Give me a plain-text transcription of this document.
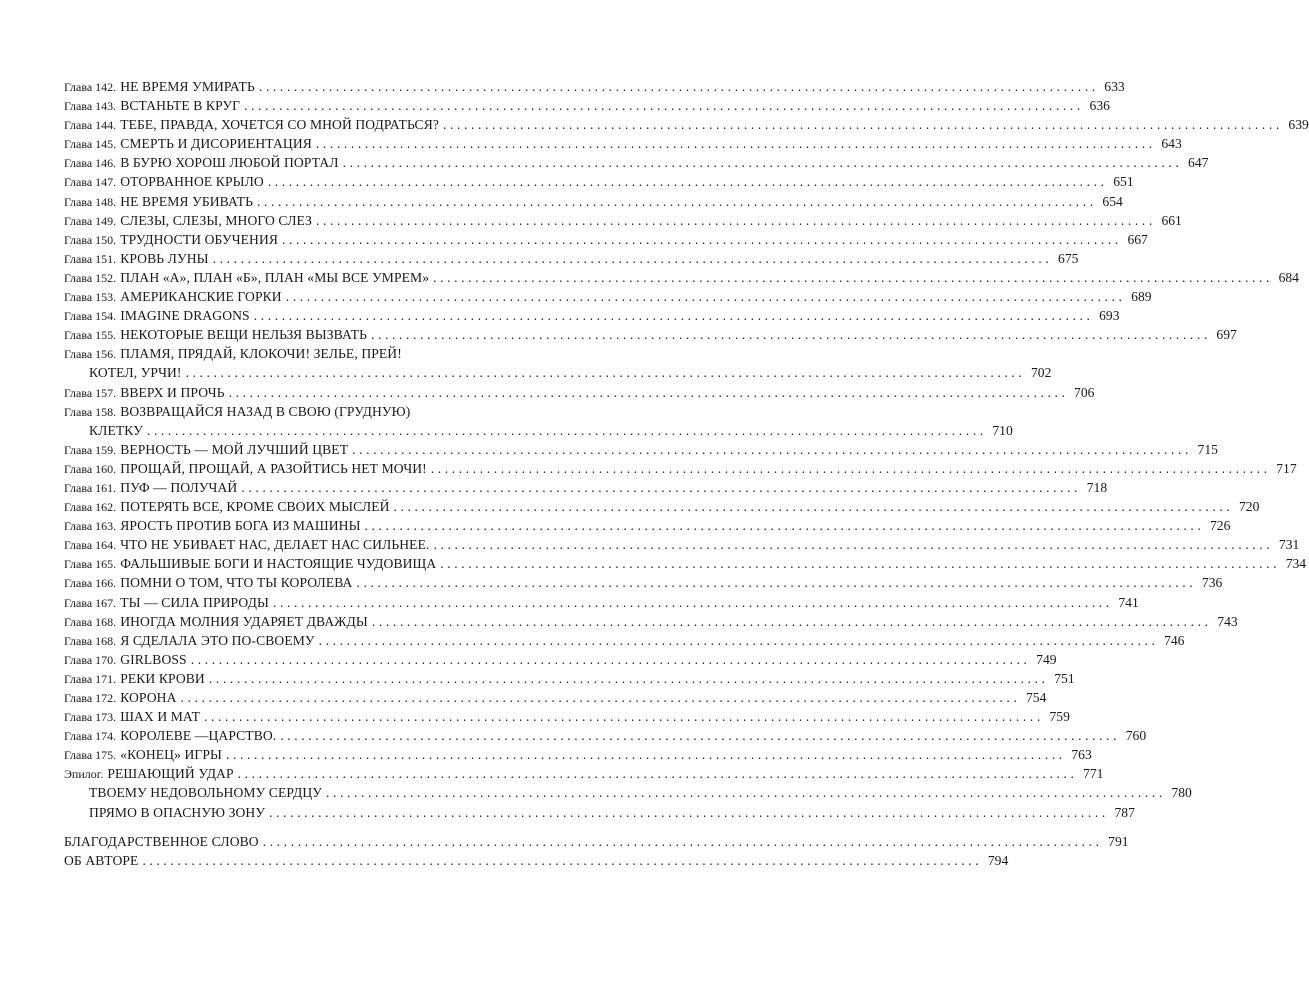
Глава 142. НЕ ВРЕМЯ УМИРАТЬ ........................................................................................................................ 633
Глава 143. ВСТАНЬТЕ В КРУГ ........................................................................................................................ 636
Глава 144. ТЕБЕ, ПРАВДА, ХОЧЕТСЯ СО МНОЙ ПОДРАТЬСЯ? ........................................................................................................................ 639
Глава 145. СМЕРТЬ И ДИСОРИЕНТАЦИЯ ........................................................................................................................ 643
Глава 146. В БУРЮ ХОРОШ ЛЮБОЙ ПОРТАЛ ........................................................................................................................ 647
Глава 147. ОТОРВАННОЕ КРЫЛО ........................................................................................................................ 651
Глава 148. НЕ ВРЕМЯ УБИВАТЬ ........................................................................................................................ 654
Глава 149. СЛЕЗЫ, СЛЕЗЫ, МНОГО СЛЕЗ ........................................................................................................................ 661
Глава 150. ТРУДНОСТИ ОБУЧЕНИЯ ........................................................................................................................ 667
Глава 151. КРОВЬ ЛУНЫ ........................................................................................................................ 675
Глава 152. ПЛАН «А», ПЛАН «Б», ПЛАН «МЫ ВСЕ УМРЕМ» ........................................................................................................................ 684
Глава 153. АМЕРИКАНСКИЕ ГОРКИ ........................................................................................................................ 689
Глава 154. IMAGINE DRAGONS ........................................................................................................................ 693
Глава 155. НЕКОТОРЫЕ ВЕЩИ НЕЛЬЗЯ ВЫЗВАТЬ ........................................................................................................................ 697
Глава 156. ПЛАМЯ, ПРЯДАЙ, КЛОКОЧИ! ЗЕЛЬЕ, ПРЕЙ!
КОТЕЛ, УРЧИ! ........................................................................................................................ 702
Глава 157. ВВЕРХ И ПРОЧЬ ........................................................................................................................ 706
Глава 158. ВОЗВРАЩАЙСЯ НАЗАД В СВОЮ (ГРУДНУЮ)
КЛЕТКУ ........................................................................................................................ 710
Глава 159. ВЕРНОСТЬ — МОЙ ЛУЧШИЙ ЦВЕТ ........................................................................................................................ 715
Глава 160. ПРОЩАЙ, ПРОЩАЙ, А РАЗОЙТИСЬ НЕТ МОЧИ! ........................................................................................................................ 717
Глава 161. ПУФ — ПОЛУЧАЙ ........................................................................................................................ 718
Глава 162. ПОТЕРЯТЬ ВСЕ, КРОМЕ СВОИХ МЫСЛЕЙ ........................................................................................................................ 720
Глава 163. ЯРОСТЬ ПРОТИВ БОГА ИЗ МАШИНЫ ........................................................................................................................ 726
Глава 164. ЧТО НЕ УБИВАЕТ НАС, ДЕЛАЕТ НАС СИЛЬНЕЕ. ........................................................................................................................ 731
Глава 165. ФАЛЬШИВЫЕ БОГИ И НАСТОЯЩИЕ ЧУДОВИЩА ........................................................................................................................ 734
Глава 166. ПОМНИ О ТОМ, ЧТО ТЫ КОРОЛЕВА ........................................................................................................................ 736
Глава 167. ТЫ — СИЛА ПРИРОДЫ ........................................................................................................................ 741
Глава 168. ИНОГДА МОЛНИЯ УДАРЯЕТ ДВАЖДЫ ........................................................................................................................ 743
Глава 168. Я СДЕЛАЛА ЭТО ПО-СВОЕМУ ........................................................................................................................ 746
Глава 170. GIRLBOSS ........................................................................................................................ 749
Глава 171. РЕКИ КРОВИ ........................................................................................................................ 751
Глава 172. КОРОНА ........................................................................................................................ 754
Глава 173. ШАХ И МАТ ........................................................................................................................ 759
Глава 174. КОРОЛЕВЕ —ЦАРСТВО. ........................................................................................................................ 760
Глава 175. «КОНЕЦ» ИГРЫ ........................................................................................................................ 763
Эпилог. РЕШАЮЩИЙ УДАР ........................................................................................................................ 771
ТВОЕМУ НЕДОВОЛЬНОМУ СЕРДЦУ ........................................................................................................................ 780
ПРЯМО В ОПАСНУЮ ЗОНУ ........................................................................................................................ 787
БЛАГОДАРСТВЕННОЕ СЛОВО ........................................................................................................................ 791
ОБ АВТОРЕ ........................................................................................................................ 794
